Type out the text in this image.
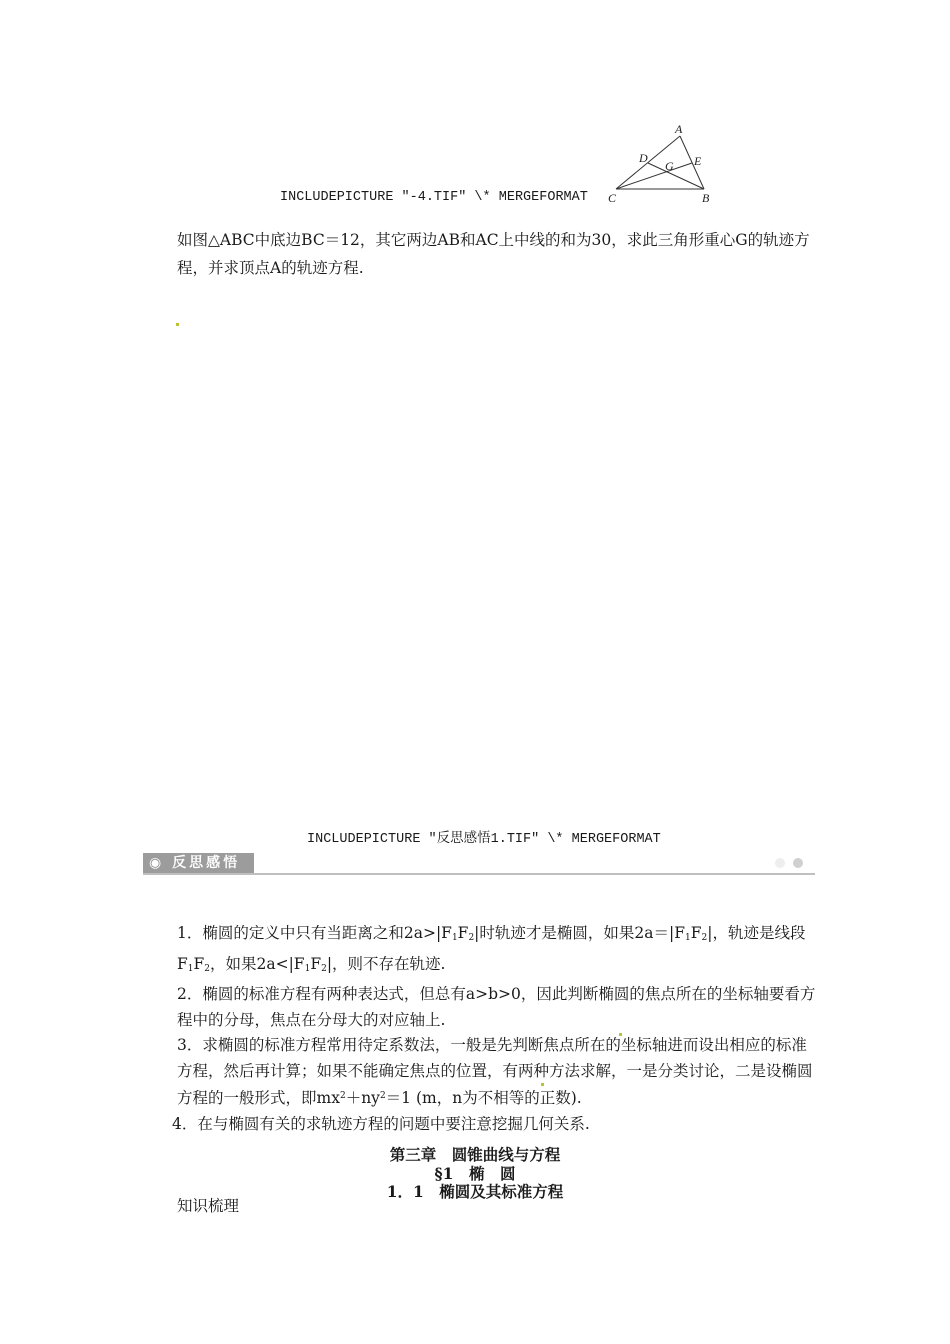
INCLUDEPICTURE "-4.TIF" \* MERGEFORMAT
A
D
G E
C	B
如图△ABC中底边BC＝12，其它两边AB和AC上中线的和为30，求此三角形重心G的轨迹方程，并求顶点A的轨迹方程.
INCLUDEPICTURE "反思感悟1.TIF" \* MERGEFORMAT
◉ 反思感悟

1．椭圆的定义中只有当距离之和$2a>|F_1F_2|$时轨迹才是椭圆，如果$2a=|F_1F_2|$，轨迹是线段$F_1F_2$，如果$2a<|F_1F_2|$，则不存在轨迹.

2．椭圆的标准方程有两种表达式，但总有a>b>0，因此判断椭圆的焦点所在的坐标轴要看方程中的分母，焦点在分母大的对应轴上.

3．求椭圆的标准方程常用待定系数法，一般是先判断焦点所在的坐标轴进而设出相应的标准方程，然后再计算；如果不能确定焦点的位置，有两种方法求解，一是分类讨论，二是设椭圆方程的一般形式，即$mx^2+ny^2=1$ (m，n为不相等的正数).

4．在与椭圆有关的求轨迹方程的问题中要注意挖掘几何关系.

第三章　圆锥曲线与方程
§1　椭　圆
1．1　椭圆及其标准方程
知识梳理
